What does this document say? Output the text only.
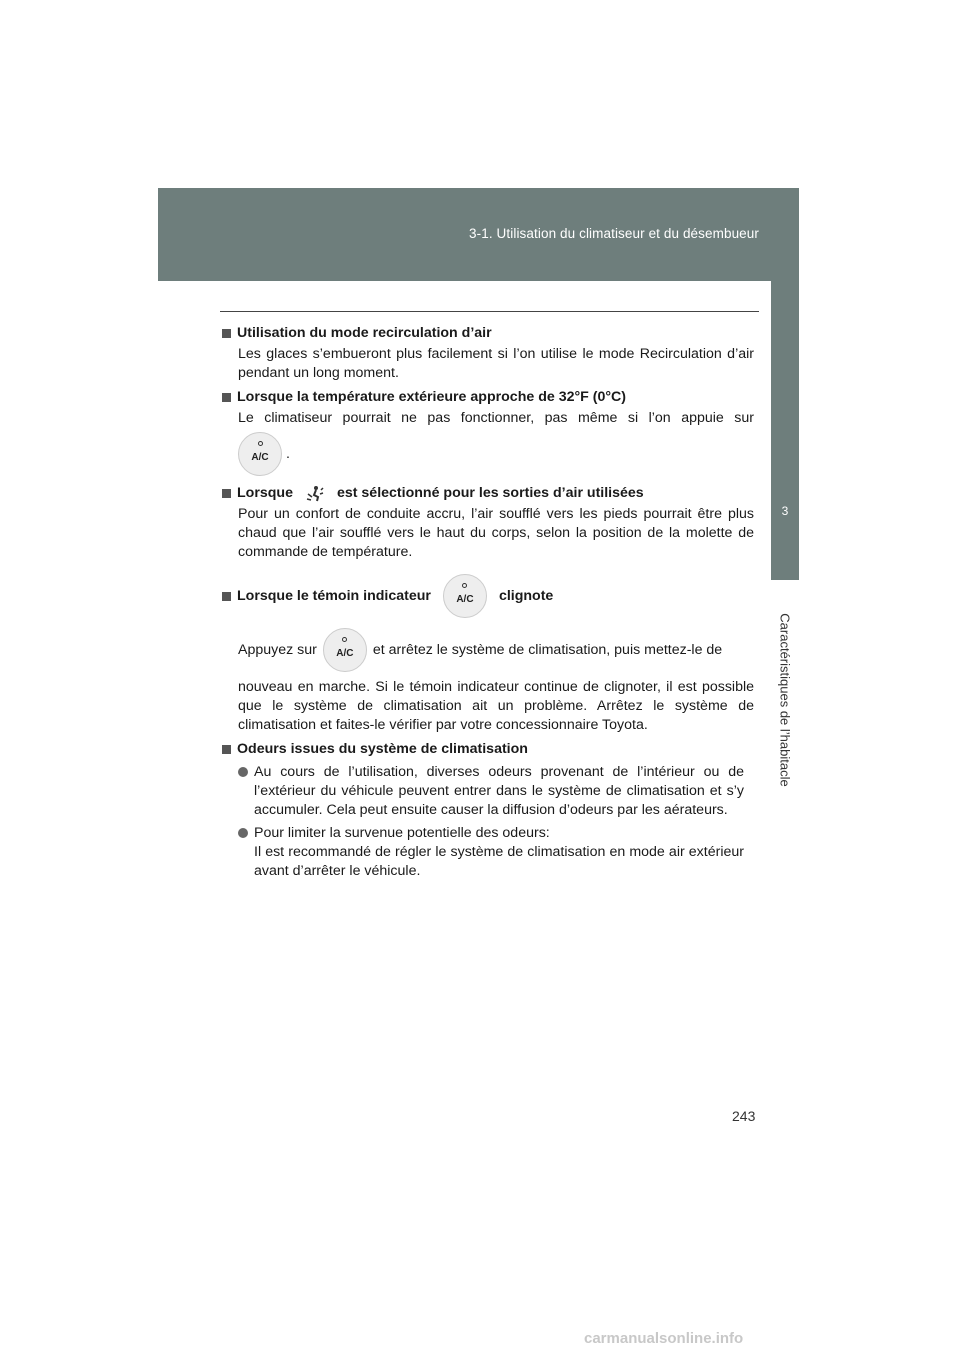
3-1. Utilisation du climatiseur et du désembueur
3
Caractéristiques de l’habitacle
Utilisation du mode recirculation d’air
Les glaces s’embueront plus facilement si l’on utilise le mode Recirculation d’air pendant un long moment.
Lorsque la température extérieure approche de 32°F (0°C)
Le climatiseur pourrait ne pas fonctionner, pas même si l’on appuie sur
A/C .
Lorsque	est sélectionné pour les sorties d’air utilisées
Pour un confort de conduite accru, l’air soufflé vers les pieds pourrait être plus chaud que l’air soufflé vers le haut du corps, selon la position de la molette de commande de température.
Lorsque le témoin indicateur	A/C clignote
Appuyez sur A/C et arrêtez le système de climatisation, puis mettez-le de
nouveau en marche. Si le témoin indicateur continue de clignoter, il est possible que le système de climatisation ait un problème. Arrêtez le système de climatisation et faites-le vérifier par votre concessionnaire Toyota.
Odeurs issues du système de climatisation
Au cours de l’utilisation, diverses odeurs provenant de l’intérieur ou de l’extérieur du véhicule peuvent entrer dans le système de climatisation et s’y accumuler. Cela peut ensuite causer la diffusion d’odeurs par les aérateurs.
Pour limiter la survenue potentielle des odeurs:
Il est recommandé de régler le système de climatisation en mode air extérieur avant d’arrêter le véhicule.
243
carmanualsonline.info
